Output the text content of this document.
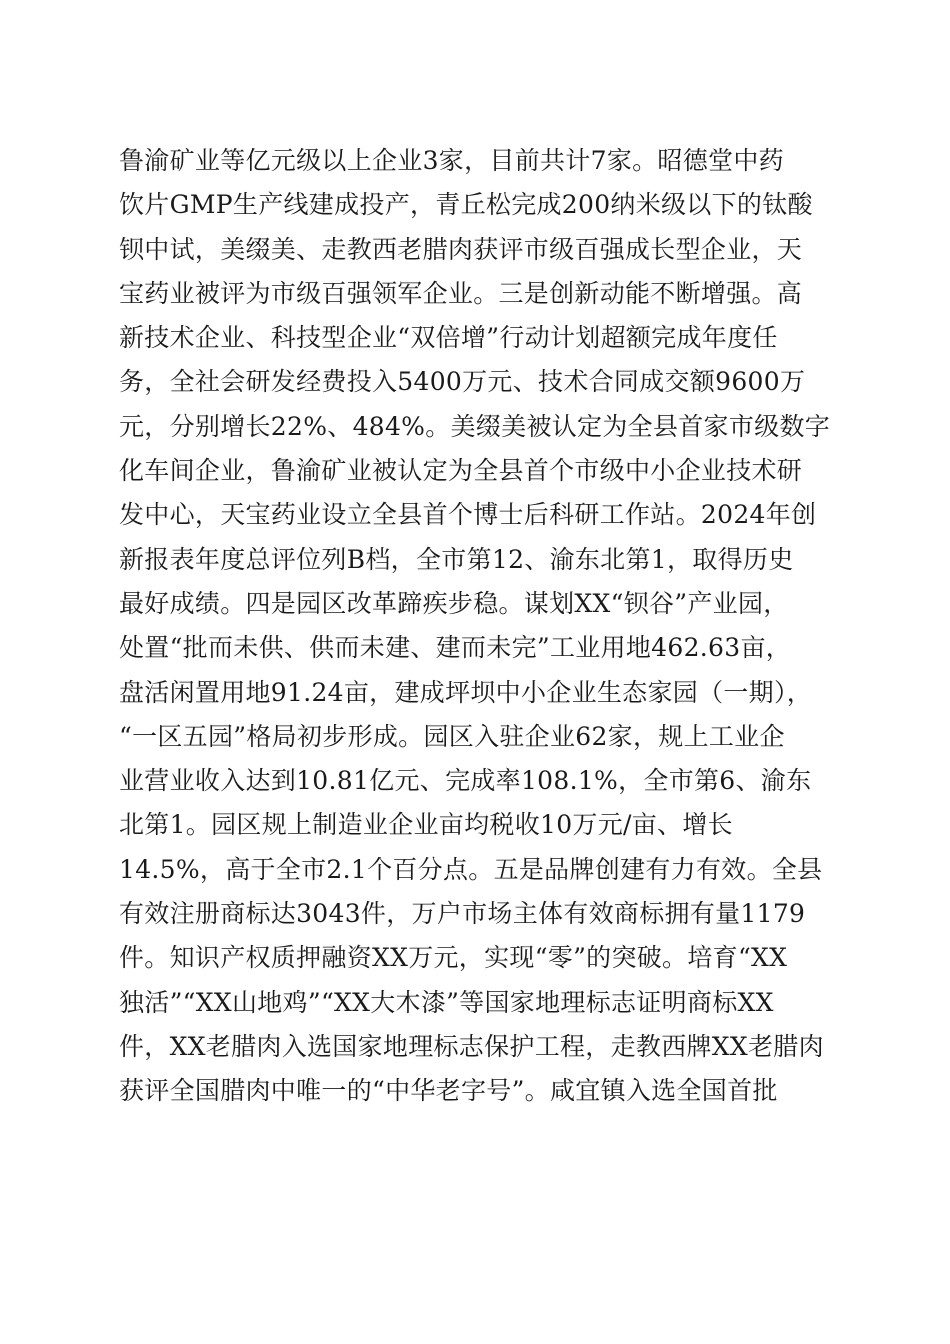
鲁渝矿业等亿元级以上企业3家，目前共计7家。昭德堂中药
饮片GMP生产线建成投产，青丘松完成200纳米级以下的钛酸
钡中试，美缀美、走教西老腊肉获评市级百强成长型企业，天
宝药业被评为市级百强领军企业。三是创新动能不断增强。高
新技术企业、科技型企业“双倍增”行动计划超额完成年度任
务，全社会研发经费投入5400万元、技术合同成交额9600万
元，分别增长22%、484%。美缀美被认定为全县首家市级数字
化车间企业，鲁渝矿业被认定为全县首个市级中小企业技术研
发中心，天宝药业设立全县首个博士后科研工作站。2024年创
新报表年度总评位列B档，全市第12、渝东北第1，取得历史
最好成绩。四是园区改革蹄疾步稳。谋划XX“钡谷”产业园，
处置“批而未供、供而未建、建而未完”工业用地462.63亩，
盘活闲置用地91.24亩，建成坪坝中小企业生态家园（一期），
“一区五园”格局初步形成。园区入驻企业62家，规上工业企
业营业收入达到10.81亿元、完成率108.1%，全市第6、渝东
北第1。园区规上制造业企业亩均税收10万元/亩、增长
14.5%，高于全市2.1个百分点。五是品牌创建有力有效。全县
有效注册商标达3043件，万户市场主体有效商标拥有量1179
件。知识产权质押融资XX万元，实现“零”的突破。培育“XX
独活”“XX山地鸡”“XX大木漆”等国家地理标志证明商标XX
件，XX老腊肉入选国家地理标志保护工程，走教西牌XX老腊肉
获评全国腊肉中唯一的“中华老字号”。咸宜镇入选全国首批
